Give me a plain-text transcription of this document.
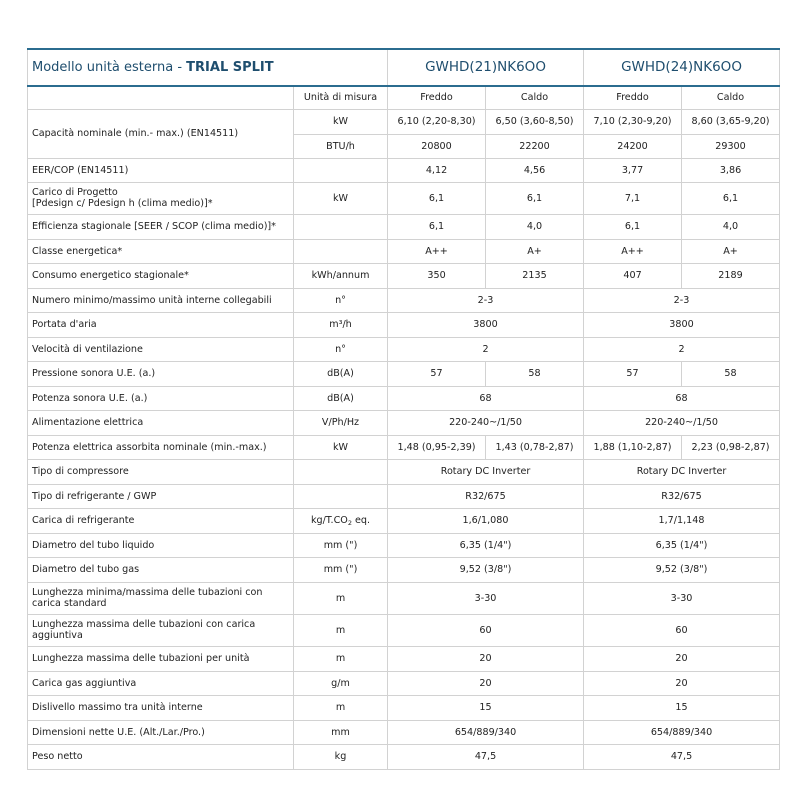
Modello unità esterna - TRIAL SPLIT		GWHD(21)NK6OO		GWHD(24)NK6OO	
	Unità di misura	Freddo	Caldo	Freddo	Caldo
Capacità nominale (min.- max.) (EN14511)	kW	6,10 (2,20-8,30)	6,50 (3,60-8,50)	7,10 (2,30-9,20)	8,60 (3,65-9,20)
	BTU/h	20800	22200	24200	29300
EER/COP (EN14511)		4,12	4,56	3,77	3,86
Carico di Progetto
[Pdesign c/ Pdesign h (clima medio)]*	kW	6,1	6,1	7,1	6,1
Efficienza stagionale [SEER / SCOP (clima medio)]*		6,1	4,0	6,1	4,0
Classe energetica*		A++	A+	A++	A+
Consumo energetico stagionale*	kWh/annum	350	2135	407	2189
Numero minimo/massimo unità interne collegabili	n°	2-3		2-3	
Portata d'aria	m³/h	3800		3800	
Velocità di ventilazione	n°	2		2	
Pressione sonora U.E. (a.)	dB(A)	57	58	57	58
Potenza sonora U.E. (a.)	dB(A)	68		68	
Alimentazione elettrica	V/Ph/Hz	220-240~/1/50		220-240~/1/50	
Potenza elettrica assorbita nominale (min.-max.)	kW	1,48 (0,95-2,39)	1,43 (0,78-2,87)	1,88 (1,10-2,87)	2,23 (0,98-2,87)
Tipo di compressore		Rotary DC Inverter		Rotary DC Inverter	
Tipo di refrigerante / GWP		R32/675		R32/675	
Carica di refrigerante	$kg/T.CO_2$ eq.	1,6/1,080		1,7/1,148	
Diametro del tubo liquido	mm (")	6,35 (1/4")		6,35 (1/4")	
Diametro del tubo gas	mm (")	9,52 (3/8")		9,52 (3/8")	
Lunghezza minima/massima delle tubazioni con
carica standard	m	3-30		3-30	
Lunghezza massima delle tubazioni con carica
aggiuntiva	m	60		60	
Lunghezza massima delle tubazioni per unità	m	20		20	
Carica gas aggiuntiva	g/m	20		20	
Dislivello massimo tra unità interne	m	15		15	
Dimensioni nette U.E. (Alt./Lar./Pro.)	mm	654/889/340		654/889/340	
Peso netto	kg	47,5		47,5	
